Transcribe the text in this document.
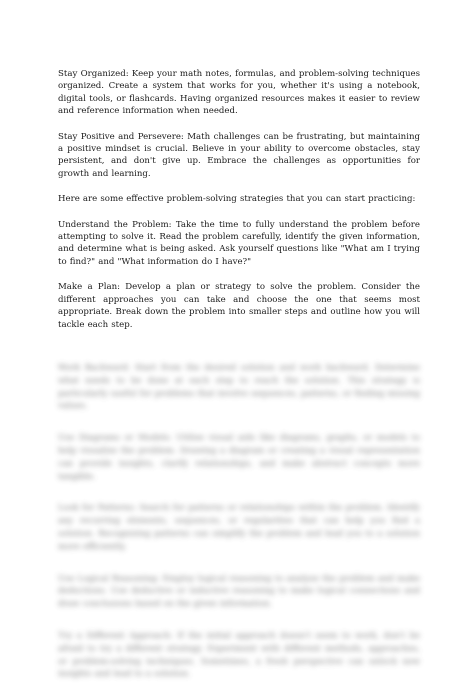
Stay Organized: Keep your math notes, formulas, and problem-solving techniques organized. Create a system that works for you, whether it's using a notebook, digital tools, or flashcards. Having organized resources makes it easier to review and reference information when needed.

Stay Positive and Persevere: Math challenges can be frustrating, but maintaining a positive mindset is crucial. Believe in your ability to overcome obstacles, stay persistent, and don't give up. Embrace the challenges as opportunities for growth and learning.

Here are some effective problem-solving strategies that you can start practicing:

Understand the Problem: Take the time to fully understand the problem before attempting to solve it. Read the problem carefully, identify the given information, and determine what is being asked. Ask yourself questions like "What am I trying to find?" and "What information do I have?"

Make a Plan: Develop a plan or strategy to solve the problem. Consider the different approaches you can take and choose the one that seems most appropriate. Break down the problem into smaller steps and outline how you will tackle each step.

Work Backward: Start from the desired solution and work backward. Determine what needs to be done at each step to reach the solution. This strategy is particularly useful for problems that involve sequences, patterns, or finding missing values.

Use Diagrams or Models: Utilize visual aids like diagrams, graphs, or models to help visualize the problem. Drawing a diagram or creating a visual representation can provide insights, clarify relationships, and make abstract concepts more tangible.

Look for Patterns: Search for patterns or relationships within the problem. Identify any recurring elements, sequences, or regularities that can help you find a solution. Recognizing patterns can simplify the problem and lead you to a solution more efficiently.

Use Logical Reasoning: Employ logical reasoning to analyze the problem and make deductions. Use deductive or inductive reasoning to make logical connections and draw conclusions based on the given information.

Try a Different Approach: If the initial approach doesn't seem to work, don't be afraid to try a different strategy. Experiment with different methods, approaches, or problem-solving techniques. Sometimes, a fresh perspective can unlock new insights and lead to a solution.
